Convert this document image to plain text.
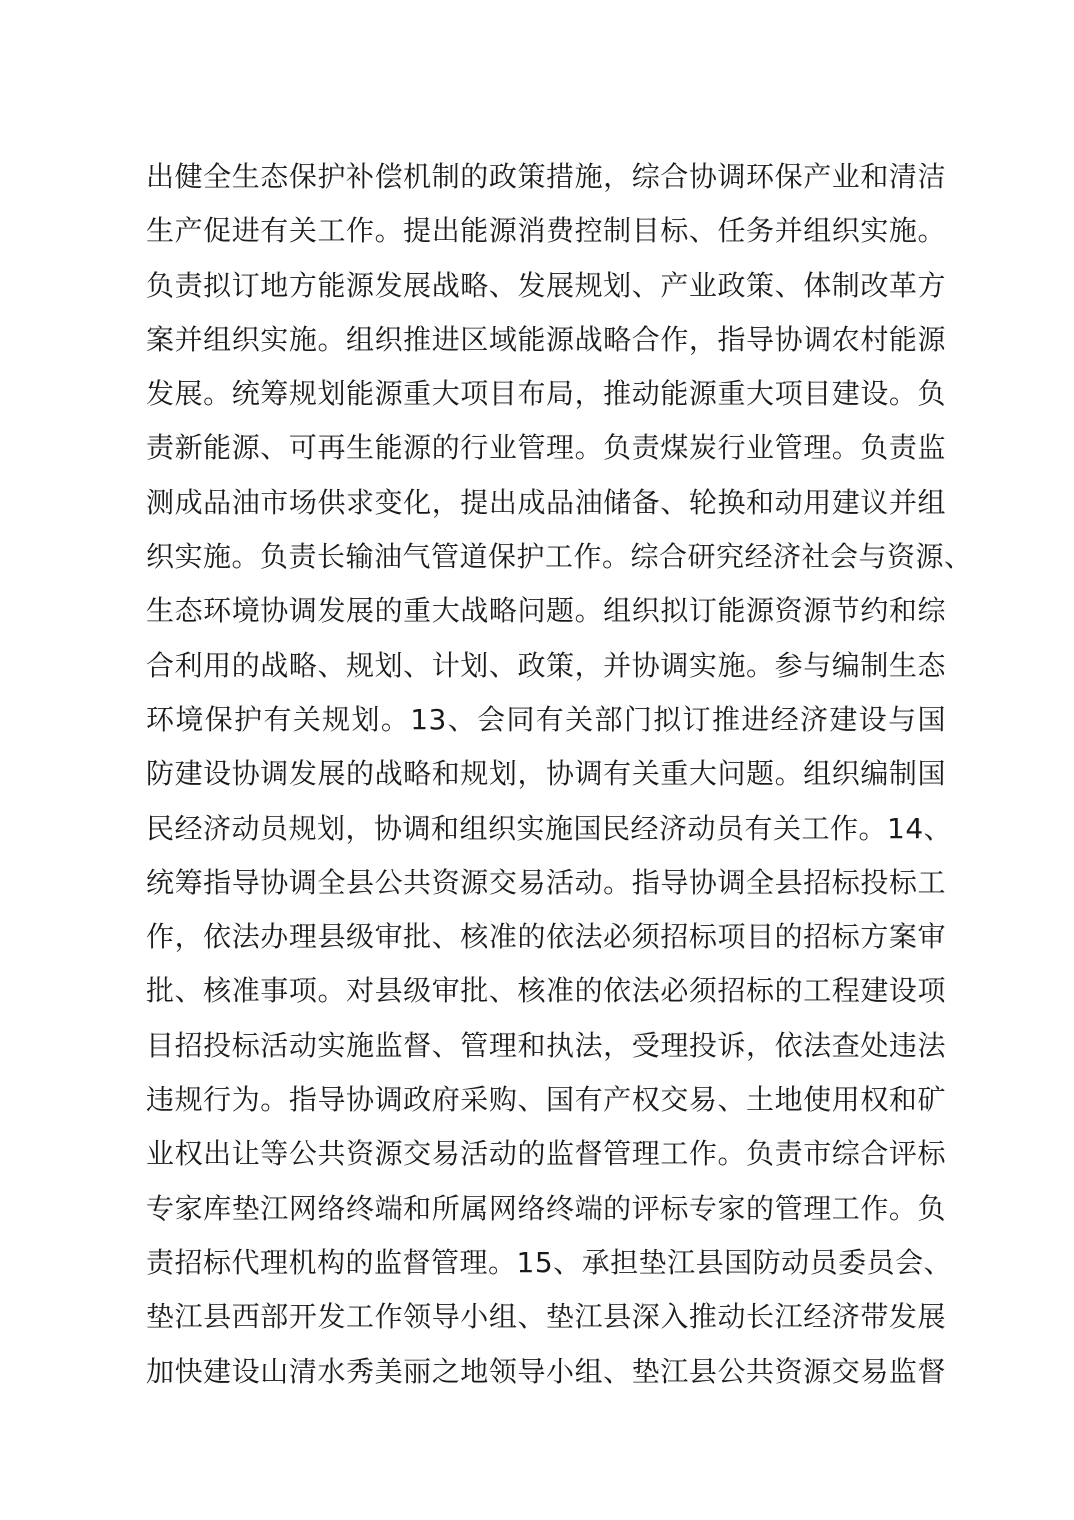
出健全生态保护补偿机制的政策措施，综合协调环保产业和清洁
生产促进有关工作。提出能源消费控制目标、任务并组织实施。
负责拟订地方能源发展战略、发展规划、产业政策、体制改革方
案并组织实施。组织推进区域能源战略合作，指导协调农村能源
发展。统筹规划能源重大项目布局，推动能源重大项目建设。负
责新能源、可再生能源的行业管理。负责煤炭行业管理。负责监
测成品油市场供求变化，提出成品油储备、轮换和动用建议并组
织实施。负责长输油气管道保护工作。综合研究经济社会与资源、
生态环境协调发展的重大战略问题。组织拟订能源资源节约和综
合利用的战略、规划、计划、政策，并协调实施。参与编制生态
环境保护有关规划。13、会同有关部门拟订推进经济建设与国
防建设协调发展的战略和规划，协调有关重大问题。组织编制国
民经济动员规划，协调和组织实施国民经济动员有关工作。14、
统筹指导协调全县公共资源交易活动。指导协调全县招标投标工
作，依法办理县级审批、核准的依法必须招标项目的招标方案审
批、核准事项。对县级审批、核准的依法必须招标的工程建设项
目招投标活动实施监督、管理和执法，受理投诉，依法查处违法
违规行为。指导协调政府采购、国有产权交易、土地使用权和矿
业权出让等公共资源交易活动的监督管理工作。负责市综合评标
专家库垫江网络终端和所属网络终端的评标专家的管理工作。负
责招标代理机构的监督管理。15、承担垫江县国防动员委员会、
垫江县西部开发工作领导小组、垫江县深入推动长江经济带发展
加快建设山清水秀美丽之地领导小组、垫江县公共资源交易监督
